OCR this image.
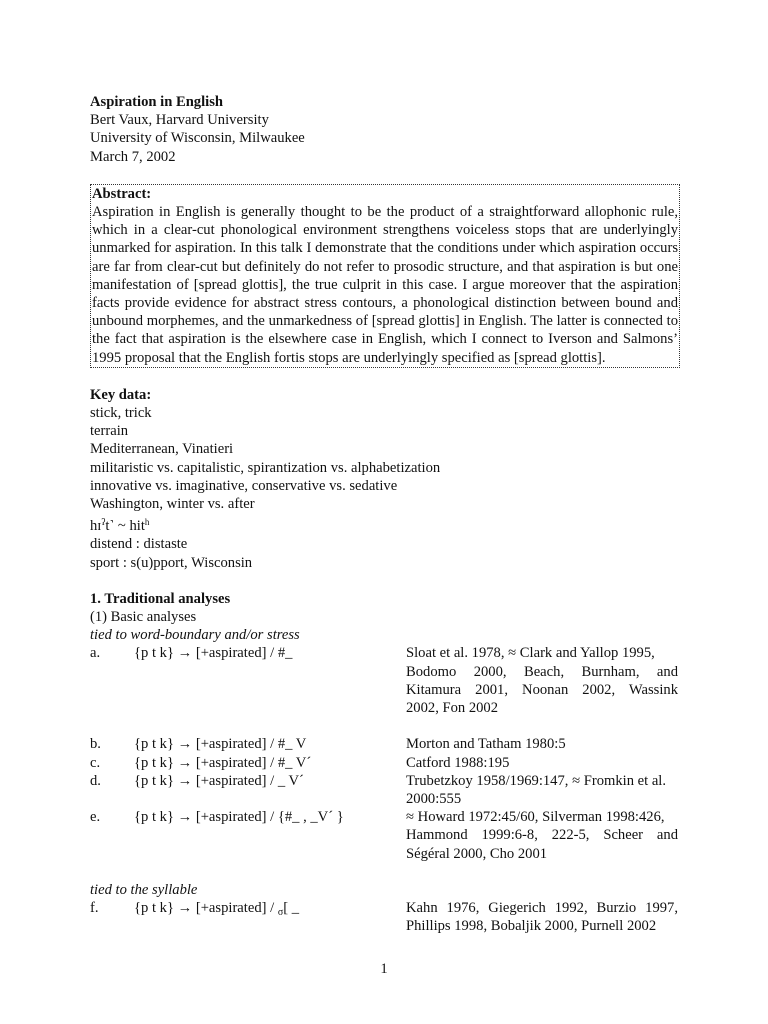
Aspiration in English
Bert Vaux, Harvard University
University of Wisconsin, Milwaukee
March 7, 2002
Abstract:

Aspiration in English is generally thought to be the product of a straightforward allophonic rule, which in a clear-cut phonological environment strengthens voiceless stops that are underlyingly unmarked for aspiration. In this talk I demonstrate that the conditions under which aspiration occurs are far from clear-cut but definitely do not refer to prosodic structure, and that aspiration is but one manifestation of [spread glottis], the true culprit in this case. I argue moreover that the aspiration facts provide evidence for abstract stress contours, a phonological distinction between bound and unbound morphemes, and the unmarkedness of [spread glottis] in English. The latter is connected to the fact that aspiration is the elsewhere case in English, which I connect to Iverson and Salmons’ 1995 proposal that the English fortis stops are underlyingly specified as [spread glottis].

Key data:
stick, trick
terrain
Mediterranean, Vinatieri
militaristic vs. capitalistic, spirantization vs. alphabetization
innovative vs. imaginative, conservative vs. sedative
Washington, winter vs. after
hɪ$^ʔ$t˺ ~ hit$^h$
distend : distaste
sport : s(u)pport, Wisconsin
1. Traditional analyses
(1) Basic analyses
tied to word-boundary and/or stress
a. {p t k} → [+aspirated] / #_	Sloat et al. 1978, ≈ Clark and Yallop 1995,
Bodomo 2000, Beach, Burnham, and
Kitamura 2001, Noonan 2002, Wassink
2002, Fon 2002
b. {p t k} → [+aspirated] / #_ V	Morton and Tatham 1980:5
c. {p t k} → [+aspirated] / #_ V´	Catford 1988:195
d. {p t k} → [+aspirated] / _ V´	Trubetzkoy 1958/1969:147, ≈ Fromkin et al.
2000:555
e. {p t k} → [+aspirated] / {#_ , _V´ }	≈ Howard 1972:45/60, Silverman 1998:426,
Hammond 1999:6-8, 222-5, Scheer and
Ségéral 2000, Cho 2001
tied to the syllable
f. {p t k} → [+aspirated] / $_\sigma$[ _	Kahn 1976, Giegerich 1992, Burzio 1997,
Phillips 1998, Bobaljik 2000, Purnell 2002
1
